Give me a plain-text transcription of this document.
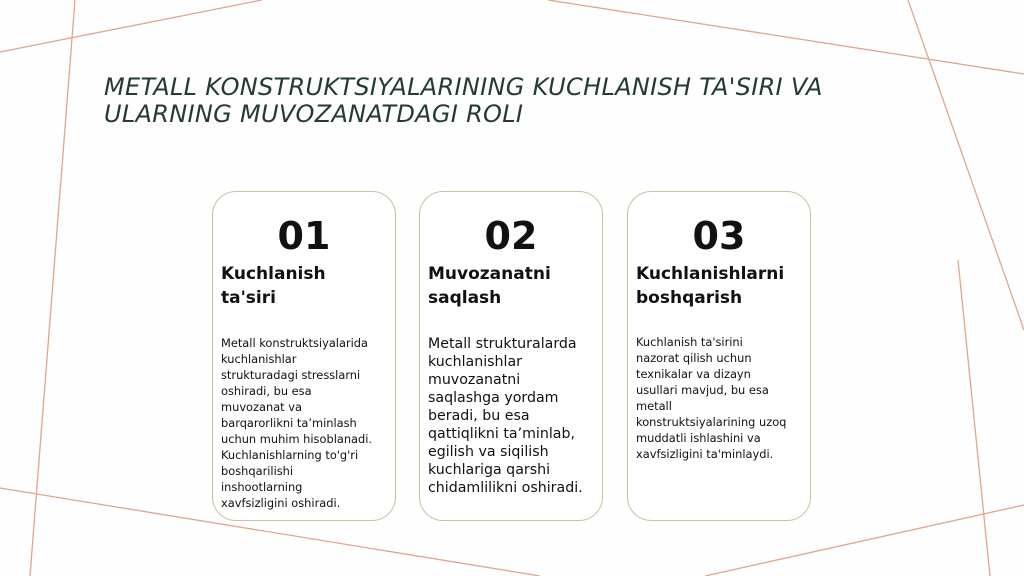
METALL KONSTRUKTSIYALARINING KUCHLANISH TA'SIRI VA ULARNING MUVOZANATDAGI ROLI
01
Kuchlanish
ta'siri
Metall konstruktsiyalarida
kuchlanishlar
strukturadagi stresslarni
oshiradi, bu esa
muvozanat va
barqarorlikni ta’minlash
uchun muhim hisoblanadi.
Kuchlanishlarning to'g'ri
boshqarilishi
inshootlarning
xavfsizligini oshiradi.
02
Muvozanatni
saqlash
Metall strukturalarda
kuchlanishlar
muvozanatni
saqlashga yordam
beradi, bu esa
qattiqlikni ta’minlab,
egilish va siqilish
kuchlariga qarshi
chidamlilikni oshiradi.
03
Kuchlanishlarni
boshqarish
Kuchlanish ta'sirini
nazorat qilish uchun
texnikalar va dizayn
usullari mavjud, bu esa
metall
konstruktsiyalarining uzoq
muddatli ishlashini va
xavfsizligini ta'minlaydi.
